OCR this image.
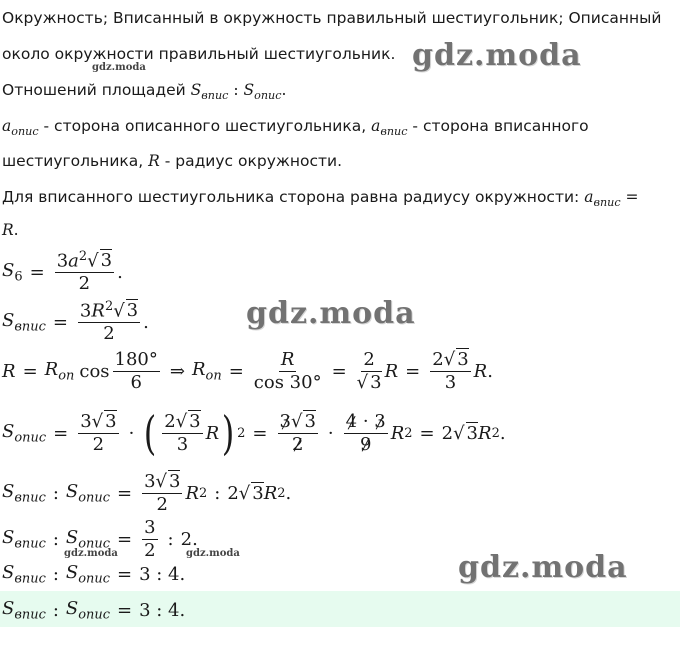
Окружность; Вписанный в окружность правильный шестиугольник; Описанный
около окружности правильный шестиугольник.
Отношений площадей $S_{впис}$ : $S_{опис}$.
$a_{опис}$ - сторона описанного шестиугольника, $a_{впис}$ - сторона вписанного
шестиугольника, R - радиус окружности.
Для вписанного шестиугольника сторона равна радиусу окружности: $a_{впис}$ =
R.
$S_6 = \frac{3a^2√ 3}{2}$ .
$S_{впис} = \frac{3R^2√ 3}{2}$ .
$R = R_{on}$ $\cos \frac{180^\circ}{6}$ ⇒ $R_{on} = \frac{R}{\cos 30^\circ} = \frac{2}{√ 3}$ $R = \frac{2√ 3}{3}$ R .
$S_{опис} = \frac{3√ 3}{2}$ · ( $\frac{2√ 3}{3}$ R ) $2 = \frac{3√ 3}{2} \cdot \frac{4 \cdot 3}{9}$ R 2 = 2√ 3 R 2 .
$S_{впис}$ : $S_{опис} = \frac{3√ 3}{2}$ R 2 : 2√ 3 R 2 .
$S_{впис}$ : $S_{опис} = \frac{3}{2}$ : 2.
$S_{впис}$ : $S_{опис} = 3$ : 4.
$S_{впис}$ : $S_{опис} = 3$ : 4.
gdz.moda
gdz.moda
gdz.moda
gdz.moda
gdz.moda	gdz.moda
